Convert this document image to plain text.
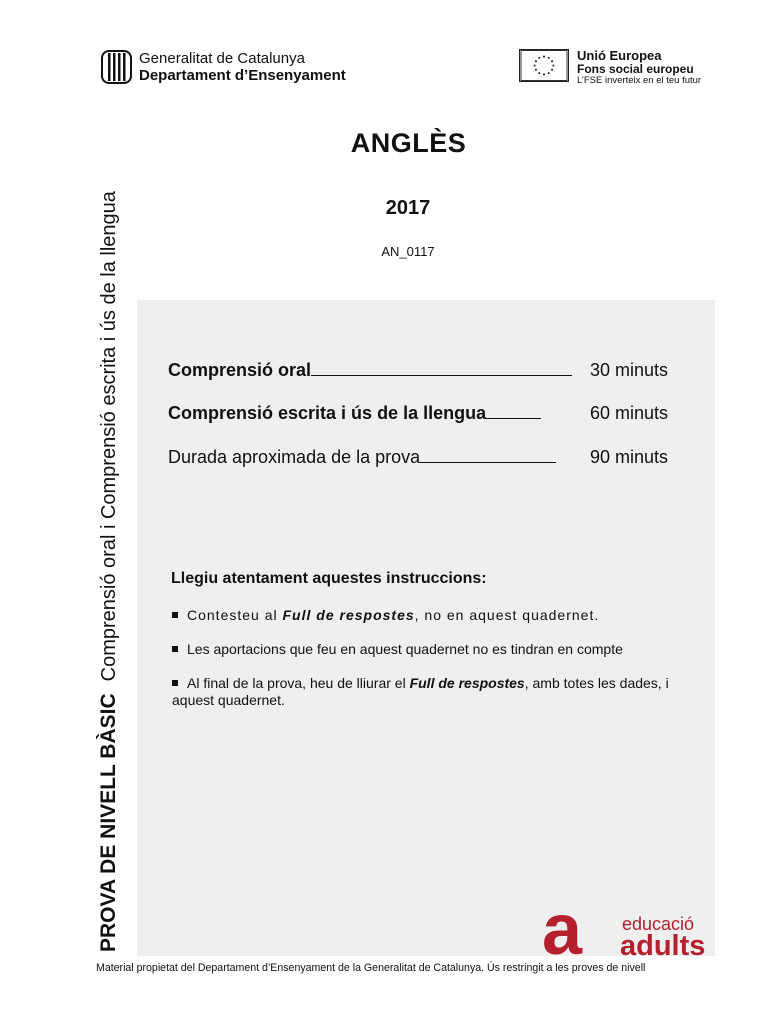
Generalitat de Catalunya
Departament d’Ensenyament
Unió Europea
Fons social europeu
L’FSE inverteix en el teu futur
ANGLÈS
2017
AN_0117
PROVA DE NIVELL BÀSICComprensió oral i Comprensió escrita i ús de la llengua	Comprensió oral	30 minuts
Comprensió escrita i ús de la llengua	60 minuts
Durada aproximada de la prova	90 minuts
Llegiu atentament aquestes instruccions:
Contesteu al Full de respostes, no en aquest quadernet.
Les aportacions que feu en aquest quadernet no es tindran en compte
Al final de la prova, heu de lliurar el Full de respostes, amb totes les dades, i aquest quadernet.
a educació
adults
Material propietat del Departament d’Ensenyament de la Generalitat de Catalunya. Ús restringit a les proves de nivell
